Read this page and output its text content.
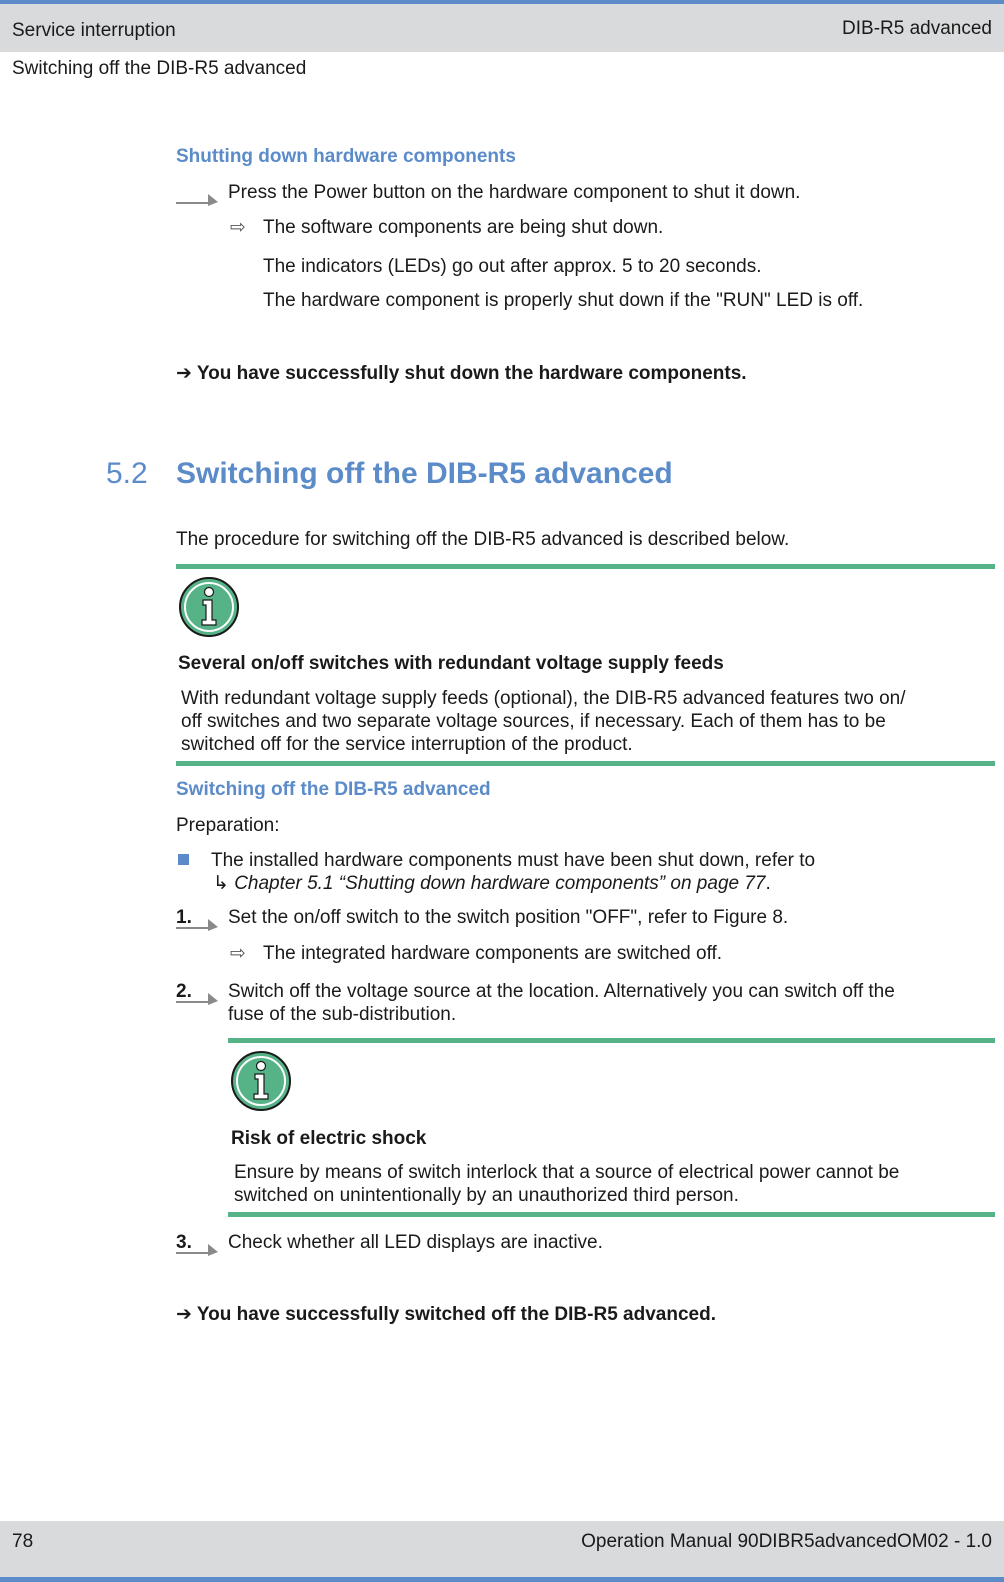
Service interruption	DIB-R5 advanced
Switching off the DIB-R5 advanced
Shutting down hardware components
Press the Power button on the hardware component to shut it down.
⇨ The software components are being shut down.
The indicators (LEDs) go out after approx. 5 to 20 seconds.
The hardware component is properly shut down if the "RUN" LED is off.
➔ You have successfully shut down the hardware components.
5.2 Switching off the DIB-R5 advanced
The procedure for switching off the DIB-R5 advanced is described below.
Several on/off switches with redundant voltage supply feeds
With redundant voltage supply feeds (optional), the DIB-R5 advanced features two on/
off switches and two separate voltage sources, if necessary. Each of them has to be
switched off for the service interruption of the product.
Switching off the DIB-R5 advanced
Preparation:
The installed hardware components must have been shut down, refer to
↳ Chapter 5.1 “Shutting down hardware components” on page 77.
1. Set the on/off switch to the switch position "OFF", refer to Figure 8.
⇨ The integrated hardware components are switched off.
2. Switch off the voltage source at the location. Alternatively you can switch off the
fuse of the sub-distribution.
Risk of electric shock
Ensure by means of switch interlock that a source of electrical power cannot be
switched on unintentionally by an unauthorized third person.
3. Check whether all LED displays are inactive.
➔ You have successfully switched off the DIB-R5 advanced.
78	Operation Manual 90DIBR5advancedOM02 - 1.0
